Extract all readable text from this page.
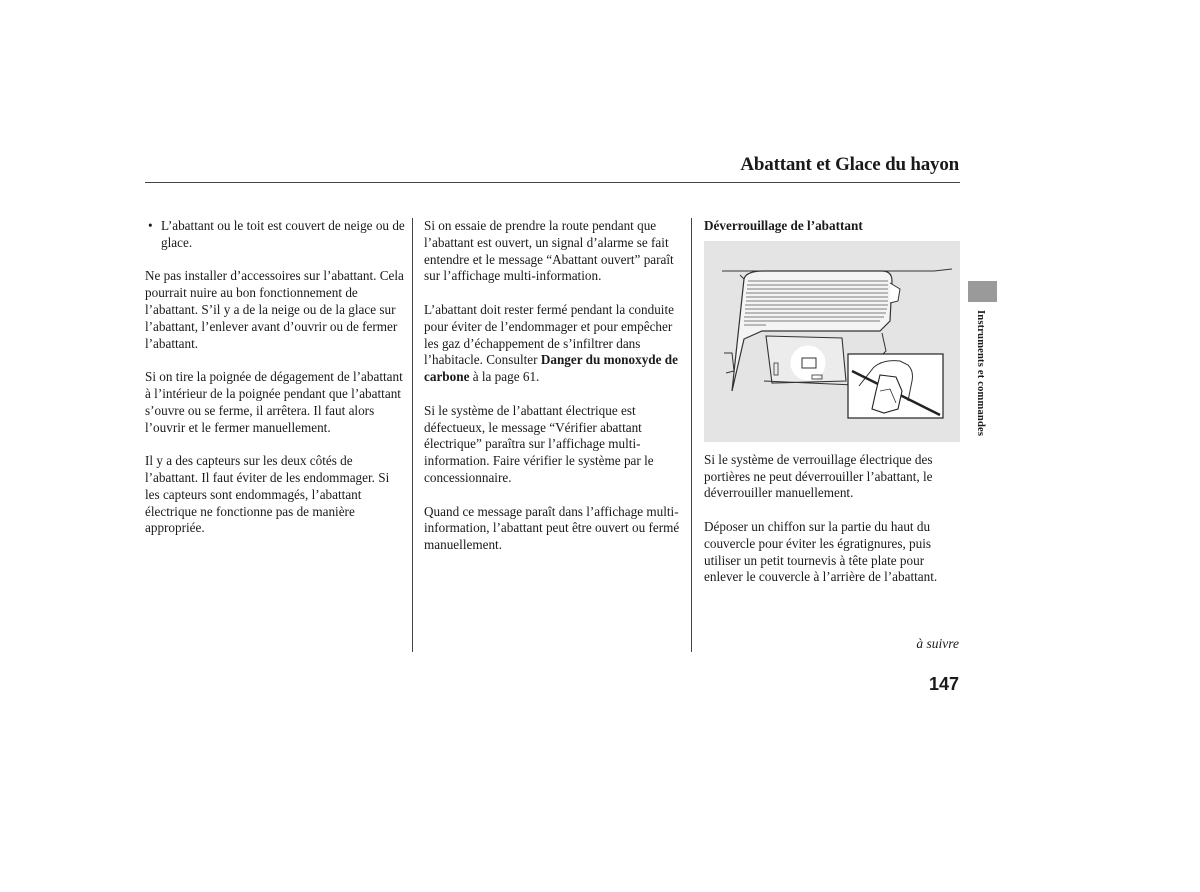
Abattant et Glace du hayon
• L’abattant ou le toit est couvert de neige ou de glace.

Ne pas installer d’accessoires sur l’abattant. Cela pourrait nuire au bon fonctionnement de l’abattant. S’il y a de la neige ou de la glace sur l’abattant, l’enlever avant d’ouvrir ou de fermer l’abattant.

Si on tire la poignée de dégagement de l’abattant à l’intérieur de la poignée pendant que l’abattant s’ouvre ou se ferme, il arrêtera. Il faut alors l’ouvrir et le fermer manuellement.

Il y a des capteurs sur les deux côtés de l’abattant. Il faut éviter de les endommager. Si les capteurs sont endommagés, l’abattant électrique ne fonctionne pas de manière appropriée.

Si on essaie de prendre la route pendant que l’abattant est ouvert, un signal d’alarme se fait entendre et le message “Abattant ouvert” paraît sur l’affichage multi-information.

L’abattant doit rester fermé pendant la conduite pour éviter de l’endommager et pour empêcher les gaz d’échappement de s’infiltrer dans l’habitacle. Consulter Danger du monoxyde de carbone à la page 61.

Si le système de l’abattant électrique est défectueux, le message “Vérifier abattant électrique” paraîtra sur l’affichage multi-information. Faire vérifier le système par le concessionnaire.

Quand ce message paraît dans l’affichage multi-information, l’abattant peut être ouvert ou fermé manuellement.

Déverrouillage de l’abattant

Si le système de verrouillage électrique des portières ne peut déverrouiller l’abattant, le déverrouiller manuellement.

Déposer un chiffon sur la partie du haut du couvercle pour éviter les égratignures, puis utiliser un petit tournevis à tête plate pour enlever le couvercle à l’arrière de l’abattant.

à suivre
147
Instruments et commandes
